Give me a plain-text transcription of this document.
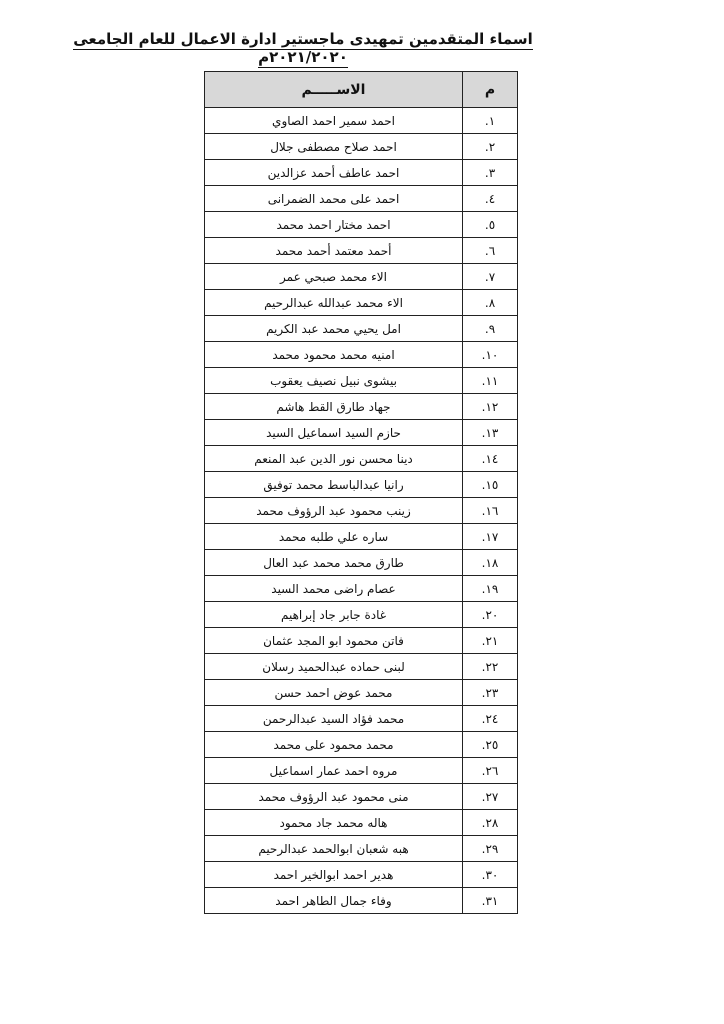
اسماء المتقدمين تمهيدى ماجستير ادارة الاعمال للعام الجامعى ٢٠٢١/٢٠٢٠م
م	الاســـــم
١.	احمد سمير احمد الصاوي
٢.	احمد صلاح مصطفى جلال
٣.	احمد عاطف أحمد عزالدين
٤.	احمد على محمد الضمرانى
٥.	احمد مختار احمد محمد
٦.	أحمد معتمد أحمد محمد
٧.	الاء محمد صبحي عمر
٨.	الاء محمد عبدالله عبدالرحيم
٩.	امل يحيي محمد عبد الكريم
١٠.	امنيه محمد محمود محمد
١١.	بيشوى نبيل نصيف يعقوب
١٢.	جهاد طارق القط هاشم
١٣.	حازم السيد اسماعيل السيد
١٤.	دينا محسن نور الدين عبد المنعم
١٥.	رانيا عبدالباسط محمد توفيق
١٦.	زينب محمود عبد الرؤوف محمد
١٧.	ساره علي طلبه محمد
١٨.	طارق محمد محمد عبد العال
١٩.	عصام راضى محمد السيد
٢٠.	غادة جابر جاد إبراهيم
٢١.	فاتن محمود ابو المجد عثمان
٢٢.	لبنى حماده عبدالحميد رسلان
٢٣.	محمد عوض احمد حسن
٢٤.	محمد فؤاد السيد عبدالرحمن
٢٥.	محمد محمود على محمد
٢٦.	مروه احمد عمار اسماعيل
٢٧.	منى محمود عبد الرؤوف محمد
٢٨.	هاله محمد جاد محمود
٢٩.	هبه شعبان ابوالحمد عبدالرحيم
٣٠.	هدير احمد ابوالخير احمد
٣١.	وفاء جمال الطاهر احمد
